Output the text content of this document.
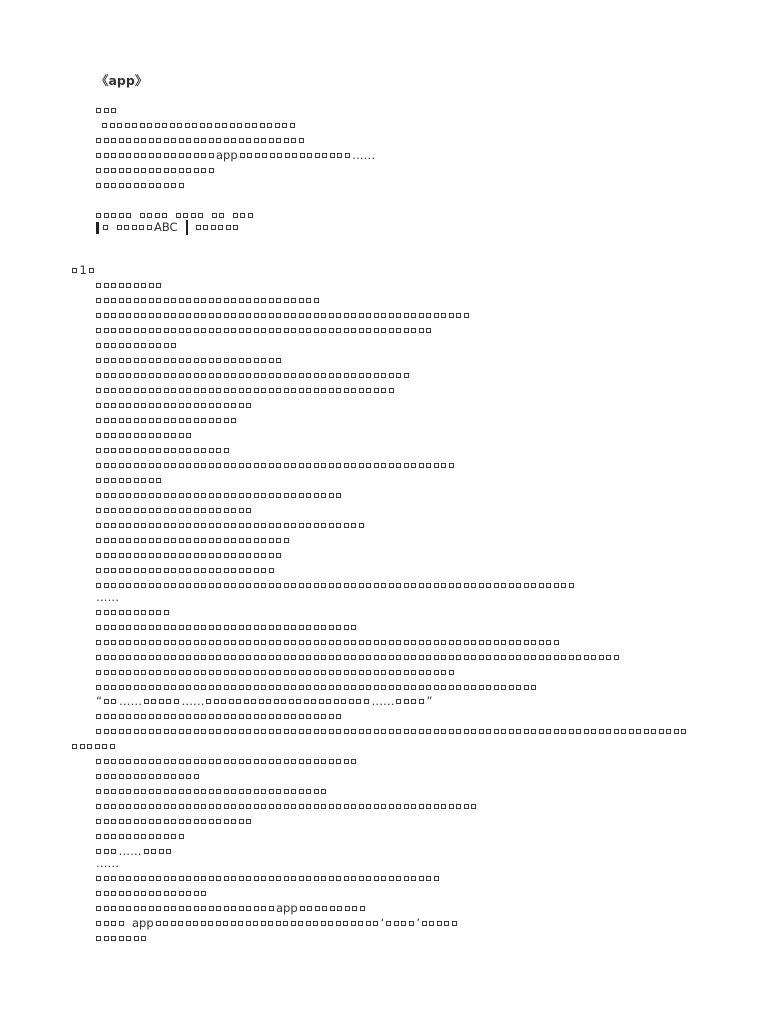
《app》
app	……
ABC
1
……
“ ……	……	……	”
……
……
app
app	‘	’
